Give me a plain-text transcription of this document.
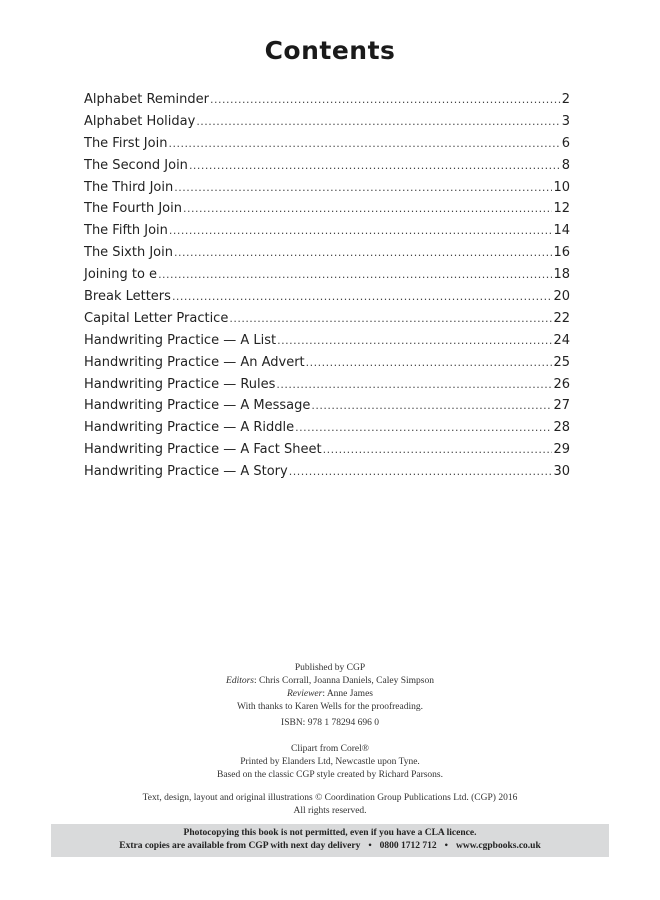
Contents
Alphabet Reminder .....	2
Alphabet Holiday .....	3
The First Join .....	6
The Second Join .....	8
The Third Join .....	10
The Fourth Join .....	12
The Fifth Join .....	14
The Sixth Join .....	16
Joining to e .....	18
Break Letters .....	20
Capital Letter Practice .....	22
Handwriting Practice — A List .....	24
Handwriting Practice — An Advert .....	25
Handwriting Practice — Rules .....	26
Handwriting Practice — A Message .....	27
Handwriting Practice — A Riddle .....	28
Handwriting Practice — A Fact Sheet .....	29
Handwriting Practice — A Story .....	30

Published by CGP

Editors: Chris Corrall, Joanna Daniels, Caley Simpson

Reviewer: Anne James

With thanks to Karen Wells for the proofreading.

ISBN: 978 1 78294 696 0

Clipart from Corel®

Printed by Elanders Ltd, Newcastle upon Tyne.

Based on the classic CGP style created by Richard Parsons.

Text, design, layout and original illustrations © Coordination Group Publications Ltd. (CGP) 2016

All rights reserved.

Photocopying this book is not permitted, even if you have a CLA licence.

Extra copies are available from CGP with next day delivery • 0800 1712 712 • www.cgpbooks.co.uk
